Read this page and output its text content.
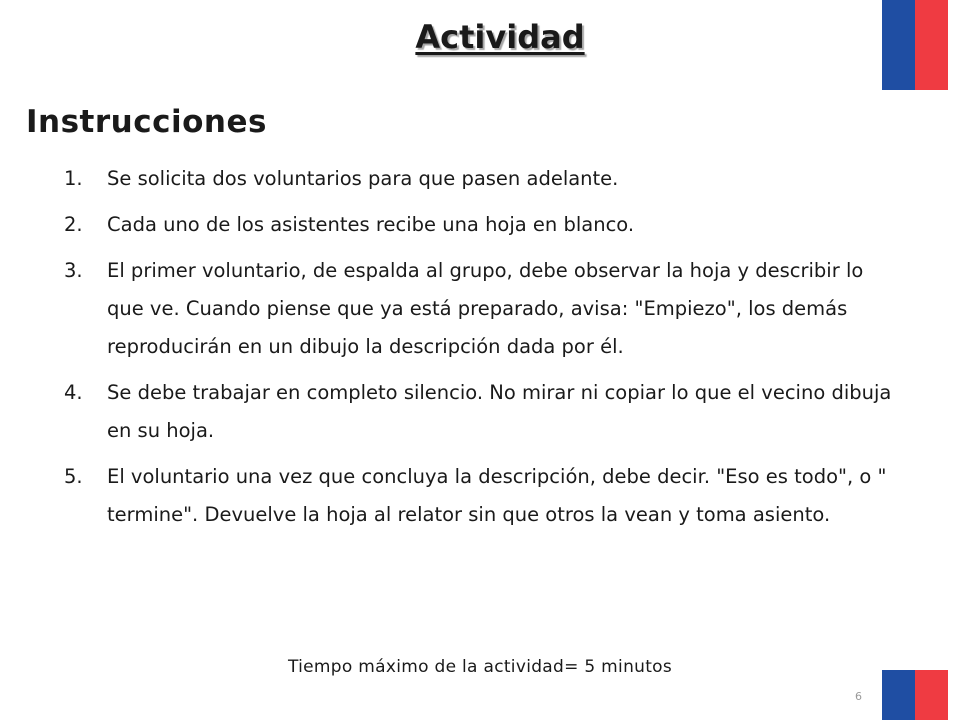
Actividad
Instrucciones
1.	Se solicita dos voluntarios para que pasen adelante.
2.	Cada uno de los asistentes recibe una hoja en blanco.
3.	El primer voluntario, de espalda al grupo, debe observar la hoja y describir lo que ve. Cuando piense que ya está preparado, avisa: "Empiezo", los demás reproducirán en un dibujo la descripción dada por él.
4.	Se debe trabajar en completo silencio. No mirar ni copiar lo que el vecino dibuja en su hoja.
5.	El voluntario una vez que concluya la descripción, debe decir. "Eso es todo", o " termine". Devuelve la hoja al relator sin que otros la vean y toma asiento.
Tiempo máximo de la actividad= 5 minutos
6
